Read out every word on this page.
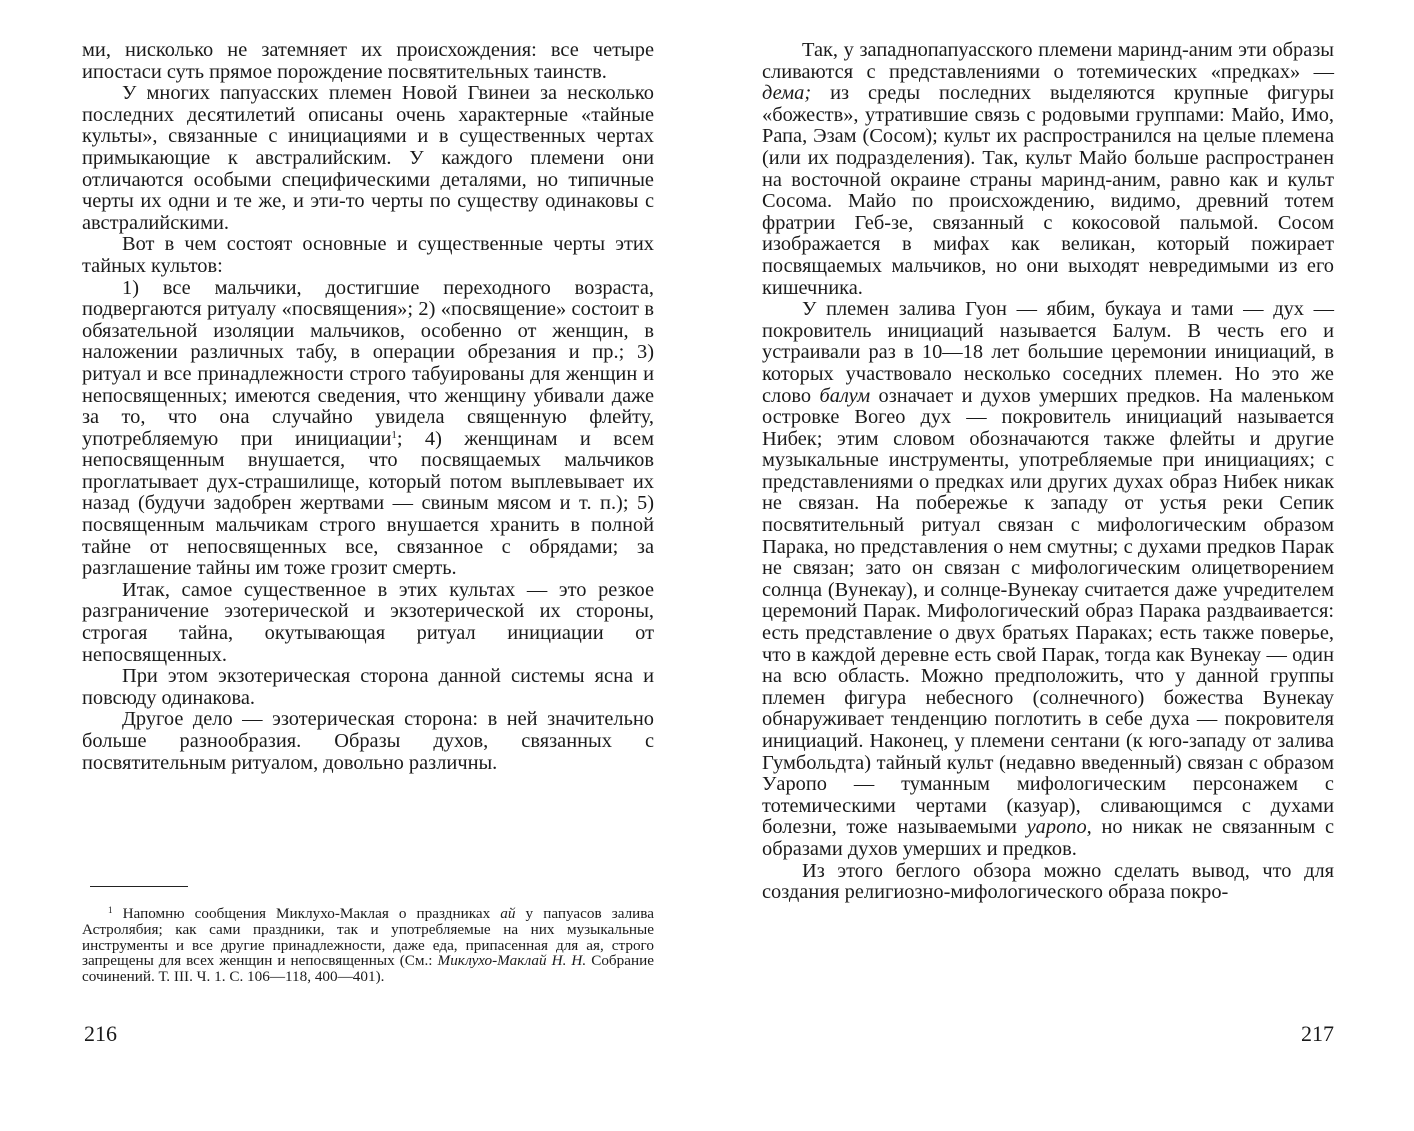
ми, нисколько не затемняет их происхождения: все четыре ипостаси суть прямое порождение посвятительных таинств.

У многих папуасских племен Новой Гвинеи за несколько последних десятилетий описаны очень характерные «тайные культы», связанные с инициациями и в существенных чертах примыкающие к австралийским. У каждого племени они отличаются особыми специфическими деталями, но типичные черты их одни и те же, и эти-то черты по существу одинаковы с австралийскими.

Вот в чем состоят основные и существенные черты этих тайных культов:

1) все мальчики, достигшие переходного возраста, подвергаются ритуалу «посвящения»; 2) «посвящение» состоит в обязательной изоляции мальчиков, особенно от женщин, в наложении различных табу, в операции обрезания и пр.; 3) ритуал и все принадлежности строго табуированы для женщин и непосвященных; имеются сведения, что женщину убивали даже за то, что она случайно увидела священную флейту, употребляемую при инициации$^1$; 4) женщинам и всем непосвященным внушается, что посвящаемых мальчиков проглатывает дух-страшилище, который потом выплевывает их назад (будучи задобрен жертвами — свиным мясом и т. п.); 5) посвященным мальчикам строго внушается хранить в полной тайне от непосвященных все, связанное с обрядами; за разглашение тайны им тоже грозит смерть.

Итак, самое существенное в этих культах — это резкое разграничение эзотерической и экзотерической их стороны, строгая тайна, окутывающая ритуал инициации от непосвященных.

При этом экзотерическая сторона данной системы ясна и повсюду одинакова.

Другое дело — эзотерическая сторона: в ней значительно больше разнообразия. Образы духов, связанных с посвятительным ритуалом, довольно различны.

$^1$ Напомню сообщения Миклухо-Маклая о праздниках ай у папуасов залива Астролябия; как сами праздники, так и употребляемые на них музыкальные инструменты и все другие принадлежности, даже еда, припасенная для ая, строго запрещены для всех женщин и непосвященных (См.: Миклухо-Маклай Н. Н. Собрание сочинений. Т. III. Ч. 1. С. 106—118, 400—401).

216

Так, у западнопапуасского племени маринд-аним эти образы сливаются с представлениями о тотемических «предках» — дема; из среды последних выделяются крупные фигуры «божеств», утратившие связь с родовыми группами: Майо, Имо, Рапа, Эзам (Сосом); культ их распространился на целые племена (или их подразделения). Так, культ Майо больше распространен на восточной окраине страны маринд-аним, равно как и культ Сосома. Майо по происхождению, видимо, древний тотем фратрии Геб-зе, связанный с кокосовой пальмой. Сосом изображается в мифах как великан, который пожирает посвящаемых мальчиков, но они выходят невредимыми из его кишечника.

У племен залива Гуон — ябим, букауа и тами — дух — покровитель инициаций называется Балум. В честь его и устраивали раз в 10—18 лет большие церемонии инициаций, в которых участвовало несколько соседних племен. Но это же слово балум означает и духов умерших предков. На маленьком островке Вогео дух — покровитель инициаций называется Нибек; этим словом обозначаются также флейты и другие музыкальные инструменты, употребляемые при инициациях; с представлениями о предках или других духах образ Нибек никак не связан. На побережье к западу от устья реки Сепик посвятительный ритуал связан с мифологическим образом Парака, но представления о нем смутны; с духами предков Парак не связан; зато он связан с мифологическим олицетворением солнца (Вунекау), и солнце-Вунекау считается даже учредителем церемоний Парак. Мифологический образ Парака раздваивается: есть представление о двух братьях Параках; есть также поверье, что в каждой деревне есть свой Парак, тогда как Вунекау — один на всю область. Можно предположить, что у данной группы племен фигура небесного (солнечного) божества Вунекау обнаруживает тенденцию поглотить в себе духа — покровителя инициаций. Наконец, у племени сентани (к юго-западу от залива Гумбольдта) тайный культ (недавно введенный) связан с образом Уаропо — туманным мифологическим персонажем с тотемическими чертами (казуар), сливающимся с духами болезни, тоже называемыми уаропо, но никак не связанным с образами духов умерших и предков.

Из этого беглого обзора можно сделать вывод, что для создания религиозно-мифологического образа покро-

217
